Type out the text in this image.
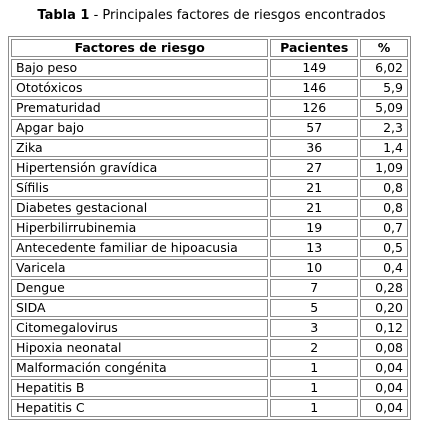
Tabla 1 - Principales factores de riesgos encontrados
Factores de riesgo	Pacientes	%
Bajo peso	149	6,02
Ototóxicos	146	5,9
Prematuridad	126	5,09
Apgar bajo	57	2,3
Zika	36	1,4
Hipertensión gravídica	27	1,09
Sífilis	21	0,8
Diabetes gestacional	21	0,8
Hiperbilirrubinemia	19	0,7
Antecedente familiar de hipoacusia	13	0,5
Varicela	10	0,4
Dengue	7	0,28
SIDA	5	0,20
Citomegalovirus	3	0,12
Hipoxia neonatal	2	0,08
Malformación congénita	1	0,04
Hepatitis B	1	0,04
Hepatitis C	1	0,04
